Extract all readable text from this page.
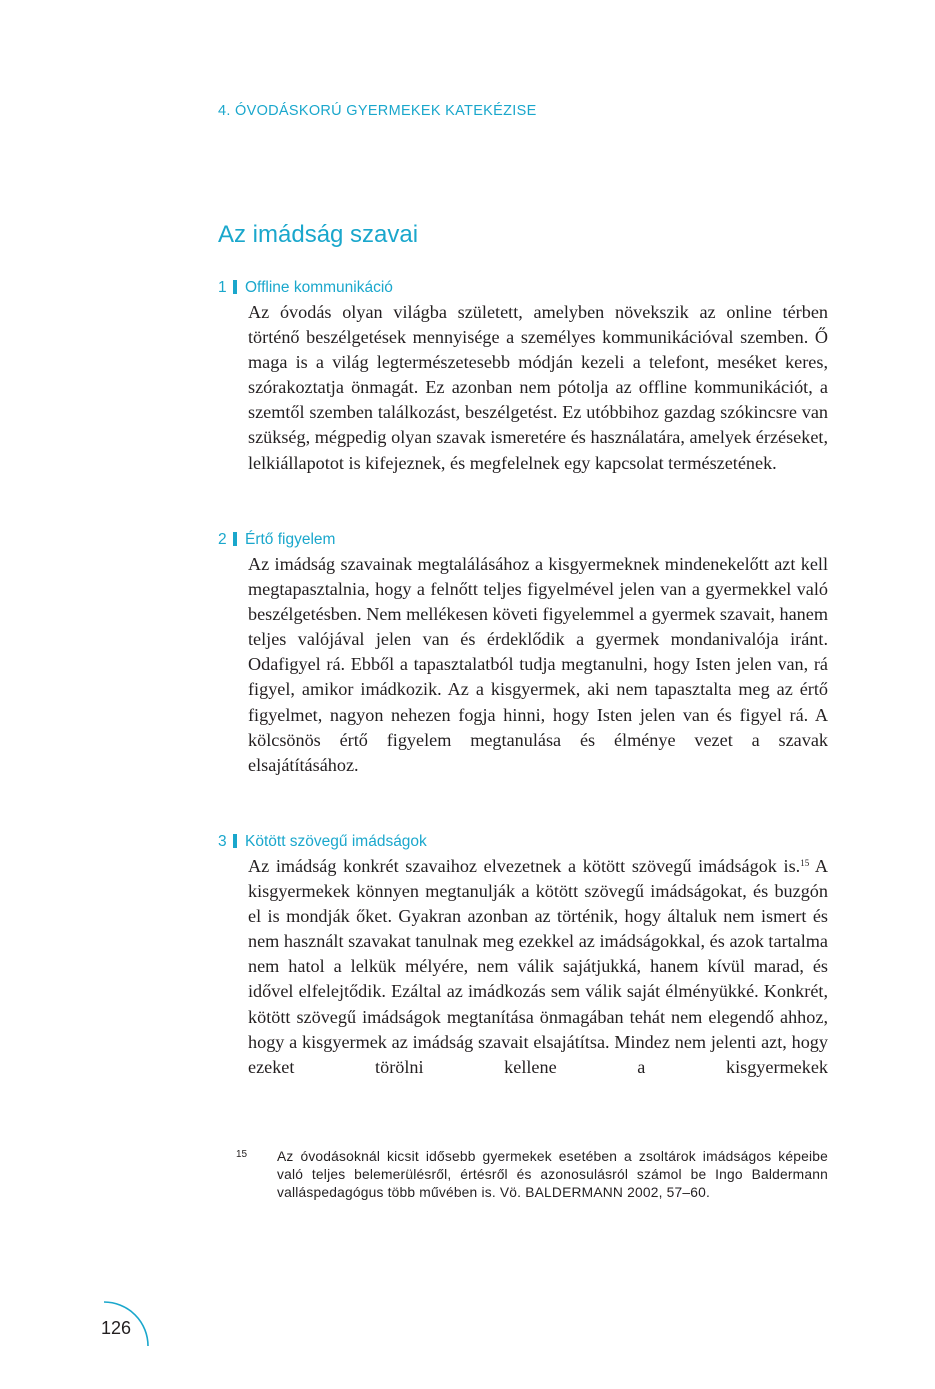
4. ÓVODÁSKORÚ GYERMEKEK KATEKÉZISE
Az imádság szavai
1 Offline kommunikáció

Az óvodás olyan világba született, amelyben növekszik az online térben történő beszélgetések mennyisége a személyes kommunikációval szemben. Ő maga is a világ legtermészetesebb módján kezeli a telefont, meséket keres, szórakoztatja önmagát. Ez azonban nem pótolja az offline kommunikációt, a szemtől szemben találkozást, beszélgetést. Ez utóbbihoz gazdag szókincsre van szükség, mégpedig olyan szavak ismeretére és használatára, amelyek érzéseket, lelkiállapotot is kifejeznek, és megfelelnek egy kapcsolat természetének.

2 Értő figyelem

Az imádság szavainak megtalálásához a kisgyermeknek mindenekelőtt azt kell megtapasztalnia, hogy a felnőtt teljes figyelmével jelen van a gyermekkel való beszélgetésben. Nem mellékesen követi figyelemmel a gyermek szavait, hanem teljes valójával jelen van és érdeklődik a gyermek mondanivalója iránt. Odafigyel rá. Ebből a tapasztalatból tudja megtanulni, hogy Isten jelen van, rá figyel, amikor imádkozik. Az a kisgyermek, aki nem tapasztalta meg az értő figyelmet, nagyon nehezen fogja hinni, hogy Isten jelen van és figyel rá. A kölcsönös értő figyelem megtanulása és élménye vezet a szavak elsajátításához.

3 Kötött szövegű imádságok

Az imádság konkrét szavaihoz elvezetnek a kötött szövegű imádságok is.$^{15}$ A kisgyermekek könnyen megtanulják a kötött szövegű imádságokat, és buzgón el is mondják őket. Gyakran azonban az történik, hogy általuk nem ismert és nem használt szavakat tanulnak meg ezekkel az imádságokkal, és azok tartalma nem hatol a lelkük mélyére, nem válik sajátjukká, hanem kívül marad, és idővel elfelejtődik. Ezáltal az imádkozás sem válik saját élményükké. Konkrét, kötött szövegű imádságok megtanítása önmagában tehát nem elegendő ahhoz, hogy a kisgyermek az imádság szavait elsajátítsa. Mindez nem jelenti azt, hogy ezeket törölni kellene a kisgyermekek

15 Az óvodásoknál kicsit idősebb gyermekek esetében a zsoltárok imádságos képeibe való teljes belemerülésről, értésről és azonosulásról számol be Ingo Baldermann valláspedagógus több művében is. Vö. BALDERMANN 2002, 57–60.

126
